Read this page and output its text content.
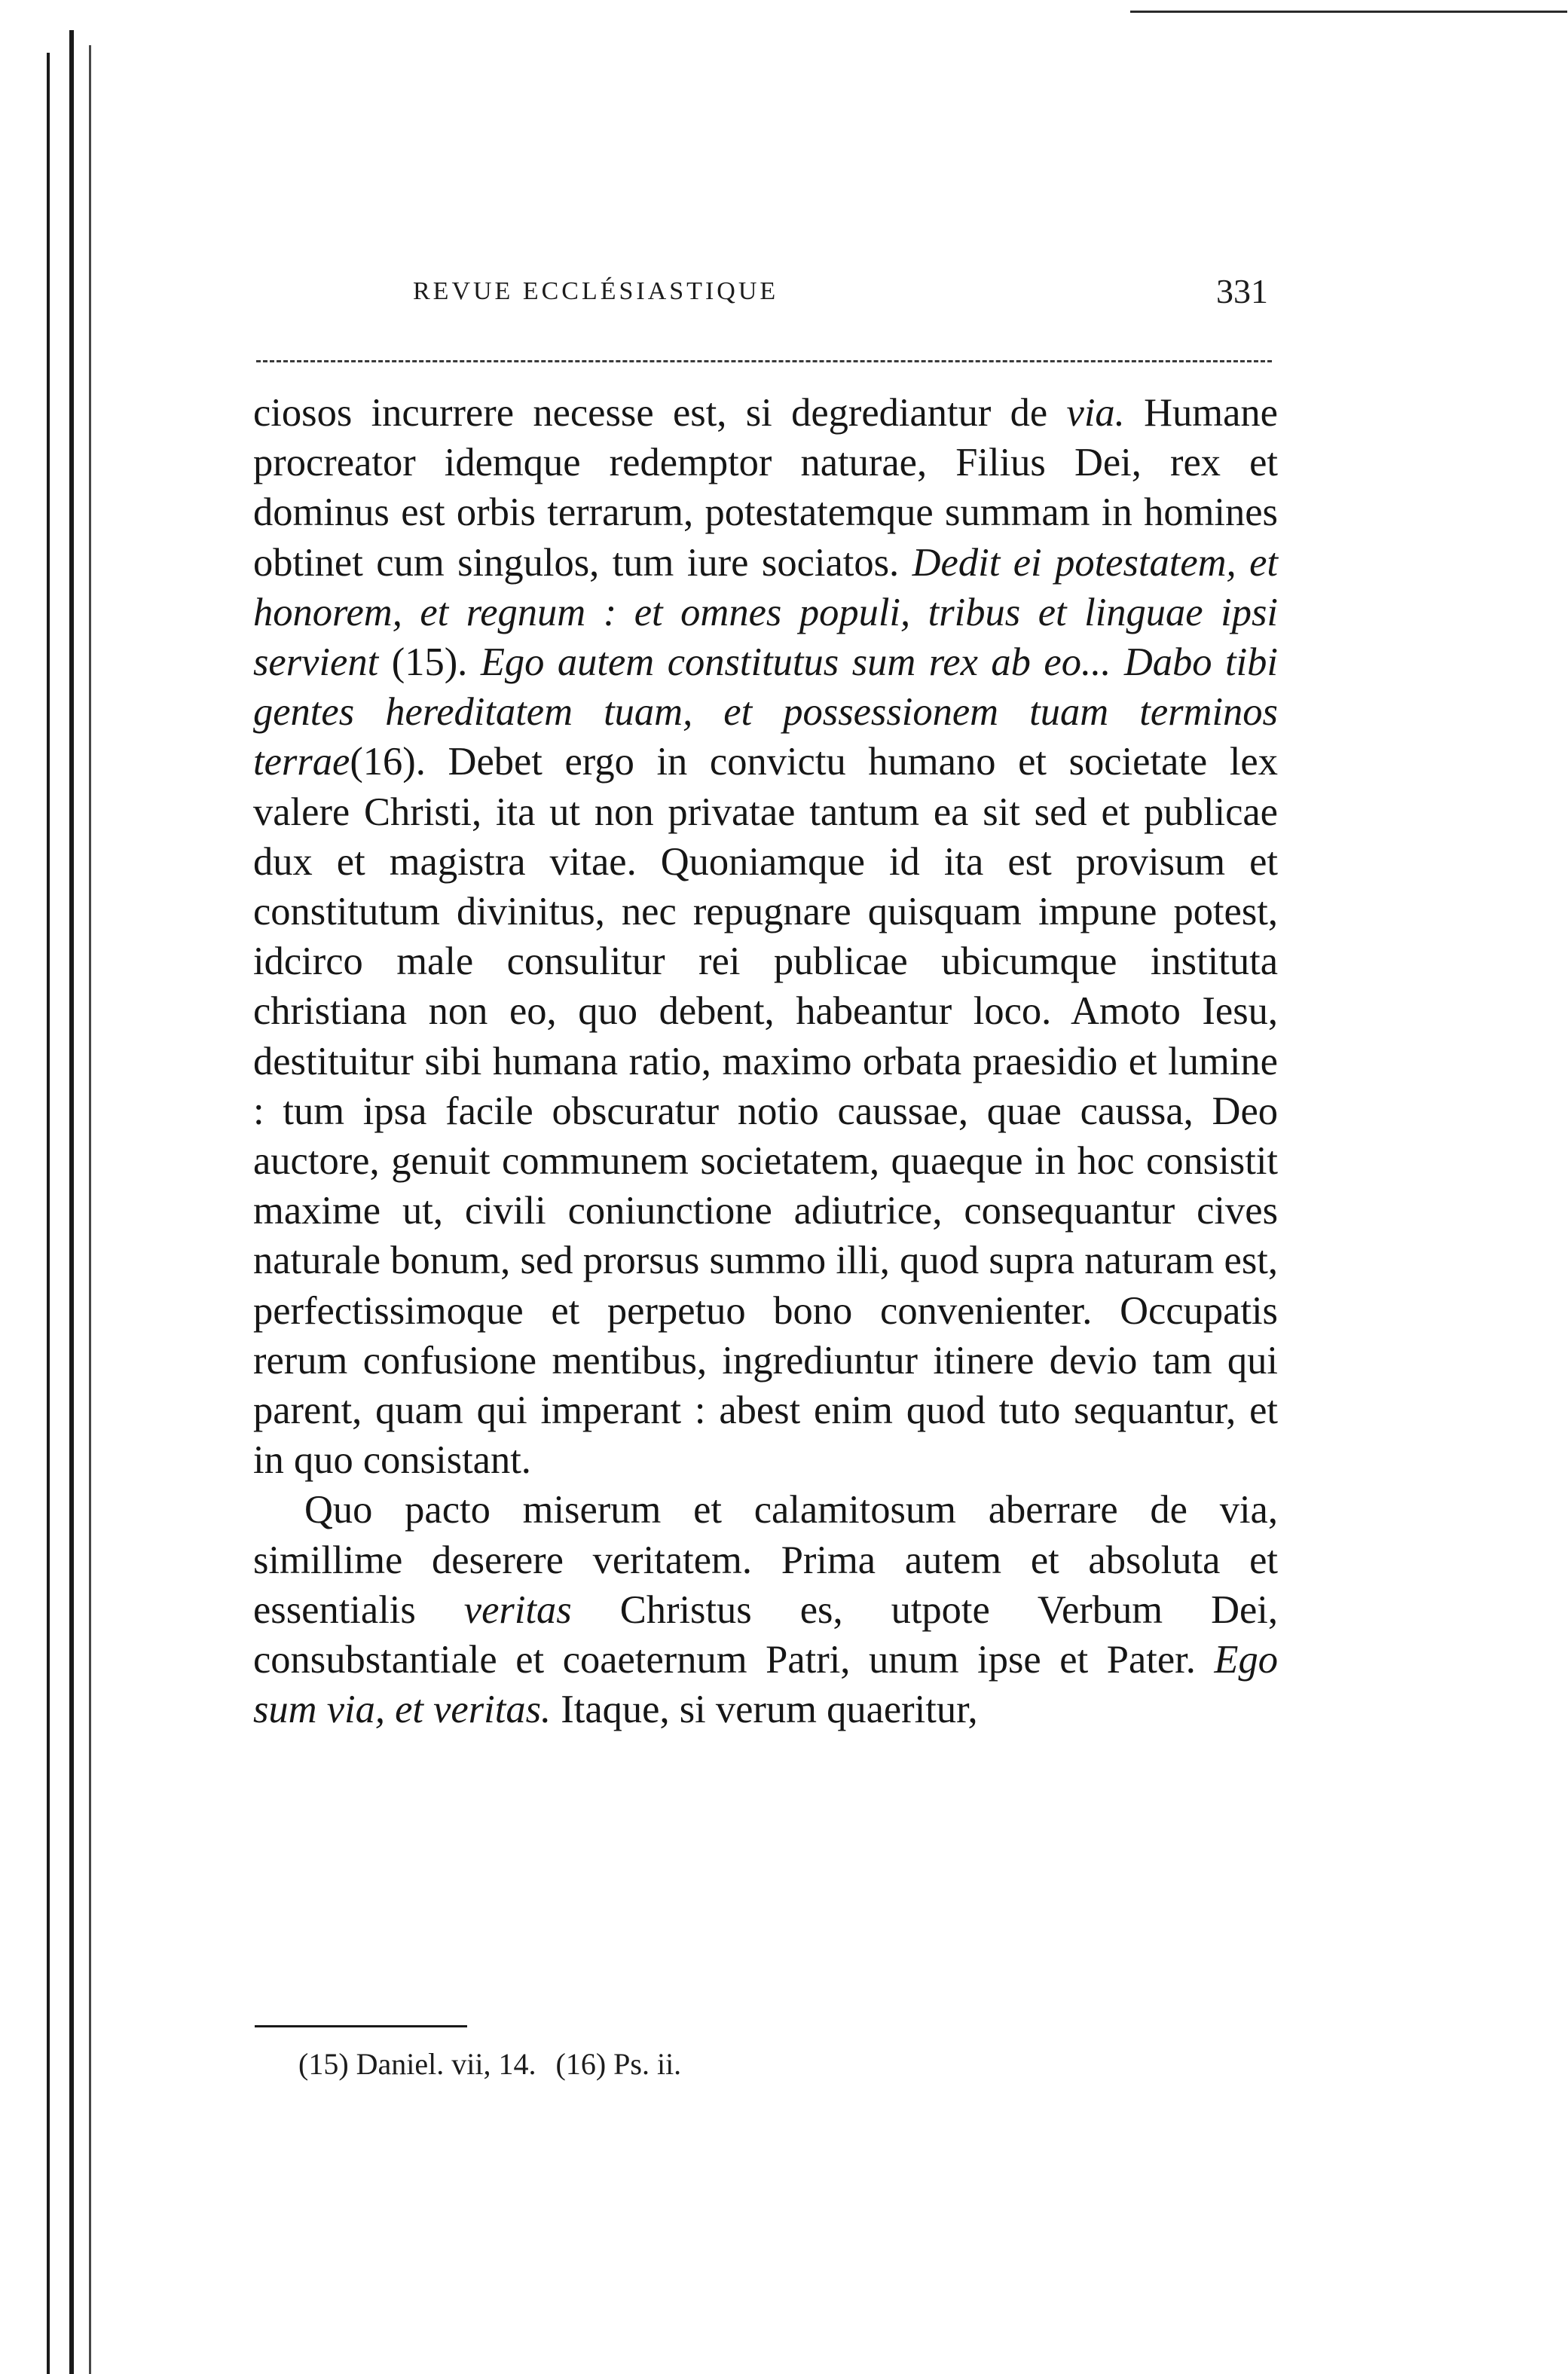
REVUE ECCLÉSIASTIQUE	331

ciosos incurrere necesse est, si degrediantur de via. Humane procreator idemque redemptor naturae, Filius Dei, rex et dominus est orbis terrarum, potestatemque summam in homines obtinet cum singulos, tum iure sociatos. Dedit ei potestatem, et honorem, et regnum : et omnes populi, tribus et linguae ipsi servient (15). Ego autem constitutus sum rex ab eo... Dabo tibi gentes hereditatem tuam, et possessionem tuam terminos terrae(16). Debet ergo in convictu humano et societate lex valere Christi, ita ut non privatae tantum ea sit sed et publicae dux et magistra vitae. Quoniamque id ita est provisum et constitutum divinitus, nec repugnare quisquam impune potest, idcirco male consulitur rei publicae ubicumque instituta christiana non eo, quo debent, habeantur loco. Amoto Iesu, destituitur sibi humana ratio, maximo orbata praesidio et lumine : tum ipsa facile obscuratur notio caussae, quae caussa, Deo auctore, genuit communem societatem, quaeque in hoc consistit maxime ut, civili coniunctione adiutrice, consequantur cives naturale bonum, sed prorsus summo illi, quod supra naturam est, perfectissimoque et perpetuo bono convenienter. Occupatis rerum confusione mentibus, ingrediuntur itinere devio tam qui parent, quam qui imperant : abest enim quod tuto sequantur, et in quo consistant.

Quo pacto miserum et calamitosum aberrare de via, simillime deserere veritatem. Prima autem et absoluta et essentialis veritas Christus es, utpote Verbum Dei, consubstantiale et coaeternum Patri, unum ipse et Pater. Ego sum via, et veritas. Itaque, si verum quaeritur,

(15) Daniel. vii, 14. (16) Ps. ii.
